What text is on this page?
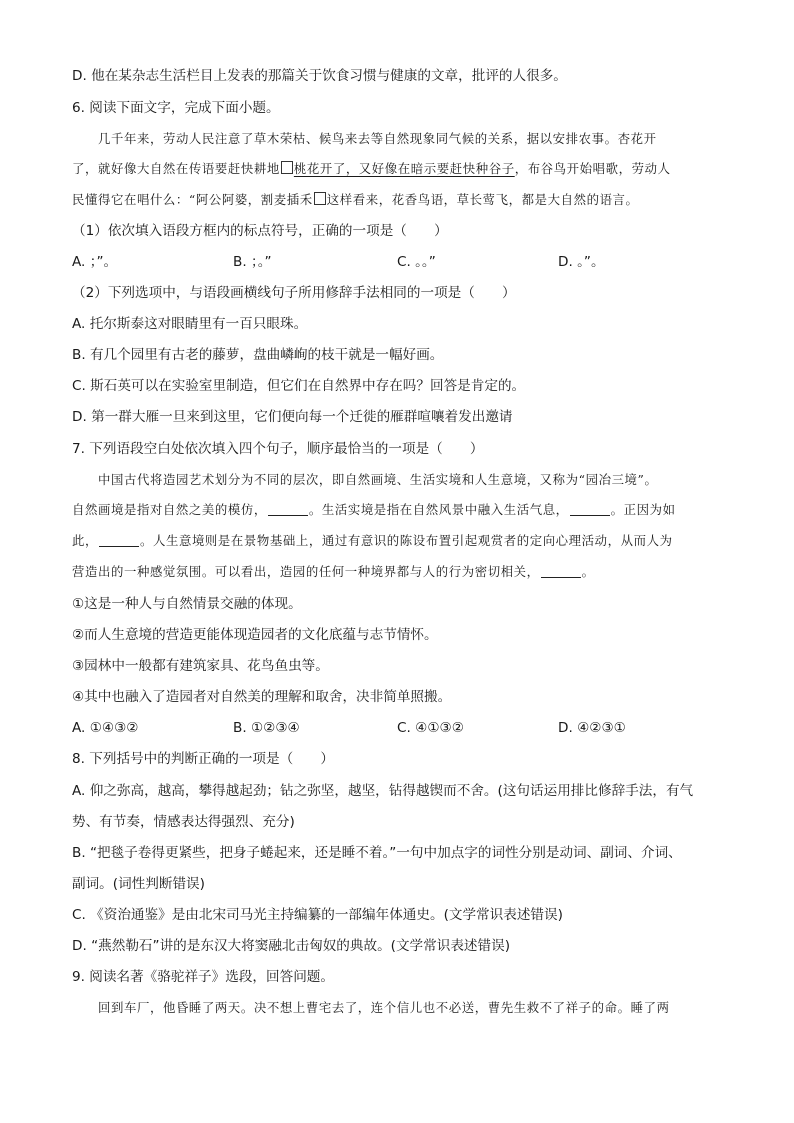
D. 他在某杂志生活栏目上发表的那篇关于饮食习惯与健康的文章，批评的人很多。
6. 阅读下面文字，完成下面小题。
几千年来，劳动人民注意了草木荣枯、候鸟来去等自然现象同气候的关系，据以安排农事。杏花开
了，就好像大自然在传语要赶快耕地 桃花开了，又好像在暗示要赶快种谷子，布谷鸟开始唱歌，劳动人
民懂得它在唱什么：“阿公阿婆，割麦插禾 这样看来，花香鸟语，草长莺飞，都是大自然的语言。
（1）依次填入语段方框内的标点符号，正确的一项是（　　）
A. ；”。	B. ；。”	C. 。。”	D. 。”。
（2）下列选项中，与语段画横线句子所用修辞手法相同的一项是（　　）
A. 托尔斯泰这对眼睛里有一百只眼珠。
B. 有几个园里有古老的藤萝，盘曲嶙峋的枝干就是一幅好画。
C. 斯石英可以在实验室里制造，但它们在自然界中存在吗？回答是肯定的。
D. 第一群大雁一旦来到这里，它们便向每一个迁徙的雁群喧嚷着发出邀请
7. 下列语段空白处依次填入四个句子，顺序最恰当的一项是（　　）
中国古代将造园艺术划分为不同的层次，即自然画境、生活实境和人生意境，又称为“园冶三境”。
自然画境是指对自然之美的模仿，	。生活实境是指在自然风景中融入生活气息，	。正因为如
此，	。人生意境则是在景物基础上，通过有意识的陈设布置引起观赏者的定向心理活动，从而人为
营造出的一种感觉氛围。可以看出，造园的任何一种境界都与人的行为密切相关，	。
①这是一种人与自然情景交融的体现。
②而人生意境的营造更能体现造园者的文化底蕴与志节情怀。
③园林中一般都有建筑家具、花鸟鱼虫等。
④其中也融入了造园者对自然美的理解和取舍，决非简单照搬。
A. ①④③②	B. ①②③④	C. ④①③②	D. ④②③①
8. 下列括号中的判断正确的一项是（　　）
A. 仰之弥高，越高，攀得越起劲；钻之弥坚，越坚，钻得越锲而不舍。(这句话运用排比修辞手法，有气
势、有节奏，情感表达得强烈、充分)
B. “把毯子卷得更紧些，把身子蜷起来，还是睡不着。”一句中加点字的词性分别是动词、副词、介词、
副词。(词性判断错误)
C. 《资治通鉴》是由北宋司马光主持编纂的一部编年体通史。(文学常识表述错误)
D. “燕然勒石”讲的是东汉大将窦融北击匈奴的典故。(文学常识表述错误)
9. 阅读名著《骆驼祥子》选段，回答问题。
回到车厂，他昏睡了两天。决不想上曹宅去了，连个信儿也不必送，曹先生救不了祥子的命。睡了两
